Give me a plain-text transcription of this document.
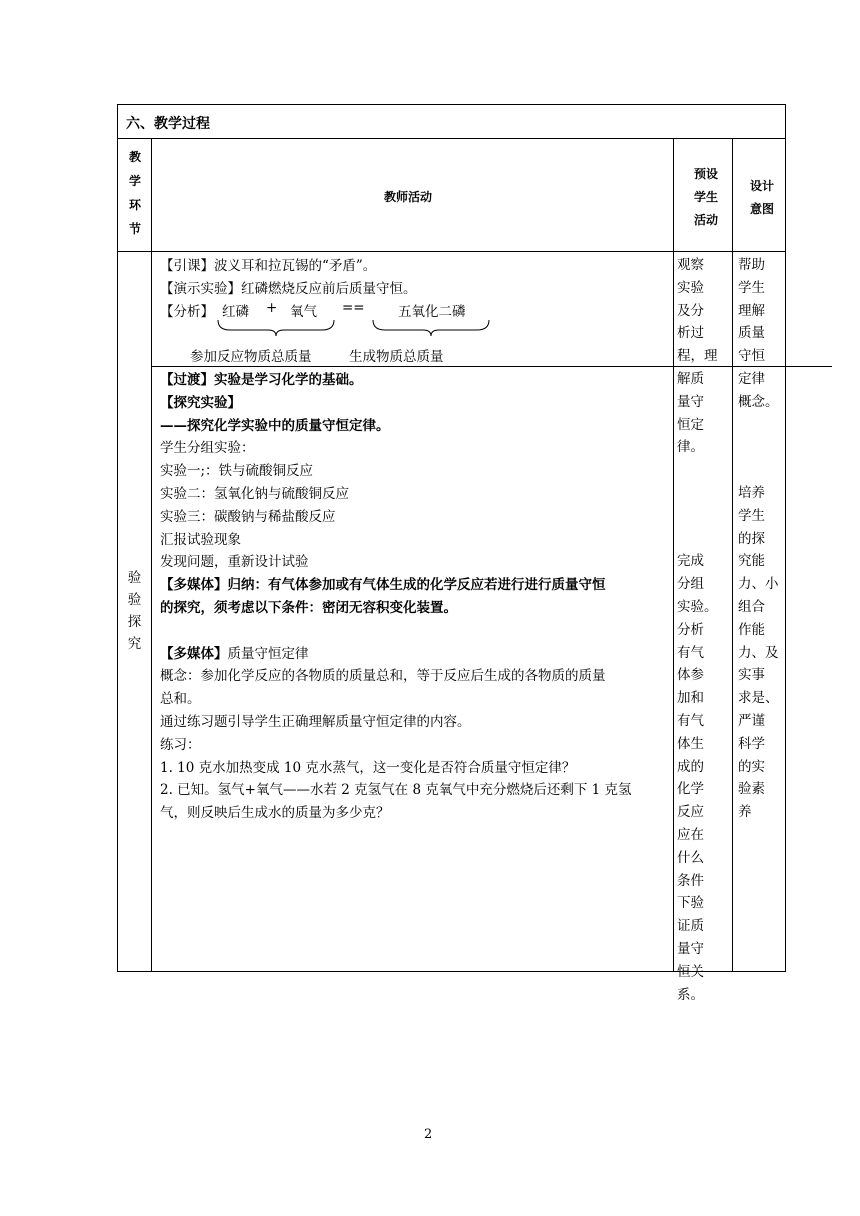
六、教学过程
教
学
环
节
教师活动
预设
学生
活动
设计
意图
【引课】波义耳和拉瓦锡的“矛盾”。
【演示实验】红磷燃烧反应前后质量守恒。
【分析】 红磷 + 氧气 == 五氧化二磷
参加反应物质总质量	生成物质总质量
【过渡】实验是学习化学的基础。
【探究实验】
——探究化学实验中的质量守恒定律。
学生分组实验：
实验一;：铁与硫酸铜反应
实验二：氢氧化钠与硫酸铜反应
实验三：碳酸钠与稀盐酸反应
汇报试验现象
发现问题，重新设计试验
【多媒体】归纳：有气体参加或有气体生成的化学反应若进行进行质量守恒
的探究，须考虑以下条件：密闭无容积变化装置。
【多媒体】质量守恒定律
概念：参加化学反应的各物质的质量总和，等于反应后生成的各物质的质量
总和。
通过练习题引导学生正确理解质量守恒定律的内容。
练习：
1. 10 克水加热变成 10 克水蒸气，这一变化是否符合质量守恒定律？
2. 已知。氢气+氧气——水若 2 克氢气在 8 克氧气中充分燃烧后还剩下 1 克氢
气，则反映后生成水的质量为多少克？
验
验
探
究
观察
实验
及分
析过
程，理
解质
量守
恒定
律。

完成
分组
实验。
分析
有气
体参
加和
有气
体生
成的
化学
反应
应在
什么
条件
下验
证质
量守
恒关
系。
帮助
学生
理解
质量
守恒
定律
概念。
培养
学生
的探
究能
力、小
组合
作能
力、及
实事
求是、
严谨
科学
的实
验素
养
2
